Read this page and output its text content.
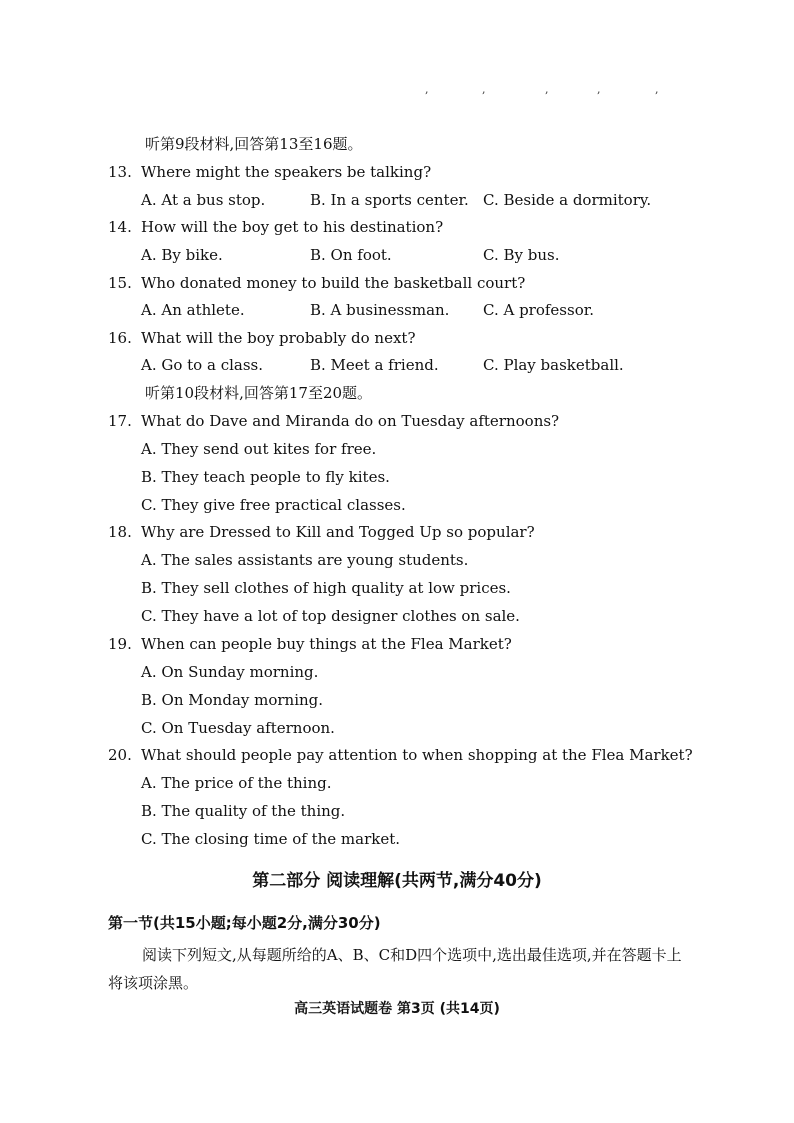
,	,	,	,	,
听第9段材料,回答第13至16题。
13. Where might the speakers be talking?
A. At a bus stop.	B. In a sports center. C. Beside a dormitory.
14. How will the boy get to his destination?
A. By bike.	B. On foot.	C. By bus.
15. Who donated money to build the basketball court?
A. An athlete.	B. A businessman. C. A professor.
16. What will the boy probably do next?
A. Go to a class.	B. Meet a friend.	C. Play basketball.
听第10段材料,回答第17至20题。
17. What do Dave and Miranda do on Tuesday afternoons?
A. They send out kites for free.
B. They teach people to fly kites.
C. They give free practical classes.
18. Why are Dressed to Kill and Togged Up so popular?
A. The sales assistants are young students.
B. They sell clothes of high quality at low prices.
C. They have a lot of top designer clothes on sale.
19. When can people buy things at the Flea Market?
A. On Sunday morning.
B. On Monday morning.
C. On Tuesday afternoon.
20. What should people pay attention to when shopping at the Flea Market?
A. The price of the thing.
B. The quality of the thing.
C. The closing time of the market.
第二部分 阅读理解(共两节,满分40分)
第一节(共15小题;每小题2分,满分30分)
阅读下列短文,从每题所给的A、B、C和D四个选项中,选出最佳选项,并在答题卡上将该项涂黑。
高三英语试题卷 第3页 (共14页)
